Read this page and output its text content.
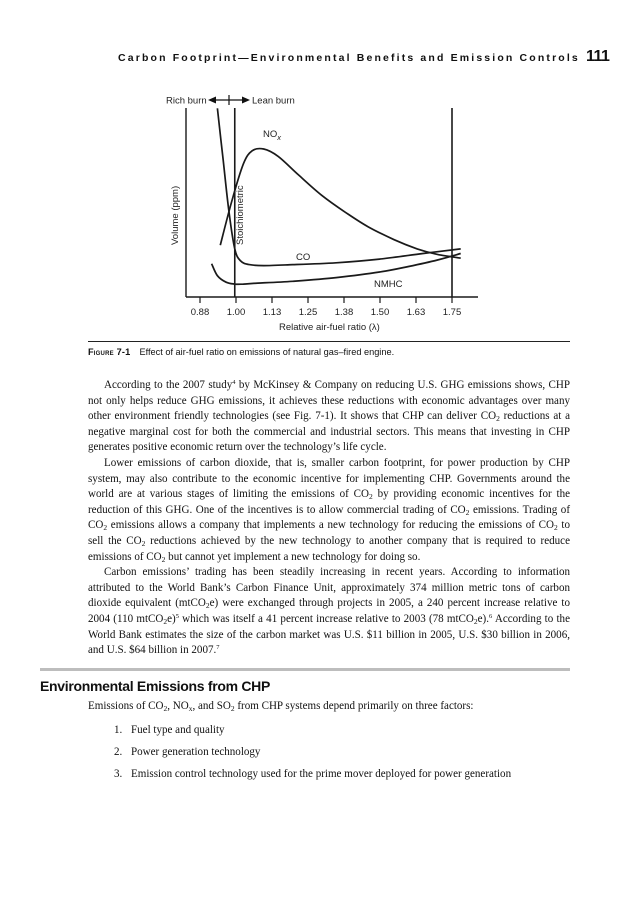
Carbon Footprint—Environmental Benefits and Emission Controls 111
Rich burn	Lean burn
Volume (ppm)
Relative air-fuel ratio (λ)
Stoichiometric
$NO_x$
CO
NMHC
0.88 1.00 1.13 1.25 1.38 1.50 1.63 1.75
Figure 7-1 Effect of air-fuel ratio on emissions of natural gas–fired engine.

According to the 2007 study$^4$ by McKinsey & Company on reducing U.S. GHG emissions shows, CHP not only helps reduce GHG emissions, it achieves these reductions with economic advantages over many other environment friendly technologies (see Fig. 7-1). It shows that CHP can deliver $CO_2$ reductions at a negative marginal cost for both the commercial and industrial sectors. This means that investing in CHP generates positive economic return over the technology’s life cycle.

Lower emissions of carbon dioxide, that is, smaller carbon footprint, for power production by CHP system, may also contribute to the economic incentive for implementing CHP. Governments around the world are at various stages of limiting the emissions of $CO_2$ by providing economic incentives for the reduction of this GHG. One of the incentives is to allow commercial trading of $CO_2$ emissions. Trading of $CO_2$ emissions allows a company that implements a new technology for reducing the emissions of $CO_2$ to sell the $CO_2$ reductions achieved by the new technology to another company that is required to reduce emissions of $CO_2$ but cannot yet implement a new technology for doing so.

Carbon emissions’ trading has been steadily increasing in recent years. According to information attributed to the World Bank’s Carbon Finance Unit, approximately 374 million metric tons of carbon dioxide equivalent (mtCO$_2$e) were exchanged through projects in 2005, a 240 percent increase relative to 2004 (110 mtCO$_2$e)$^5$ which was itself a 41 percent increase relative to 2003 (78 mtCO$_2$e).$^6$ According to the World Bank estimates the size of the carbon market was U.S. $11 billion in 2005, U.S. $30 billion in 2006, and U.S. $64 billion in 2007.$^7$

Environmental Emissions from CHP
Emissions of $CO_2$, $NO_x$, and $SO_2$ from CHP systems depend primarily on three factors:
1. Fuel type and quality
2. Power generation technology
3. Emission control technology used for the prime mover deployed for power generation
